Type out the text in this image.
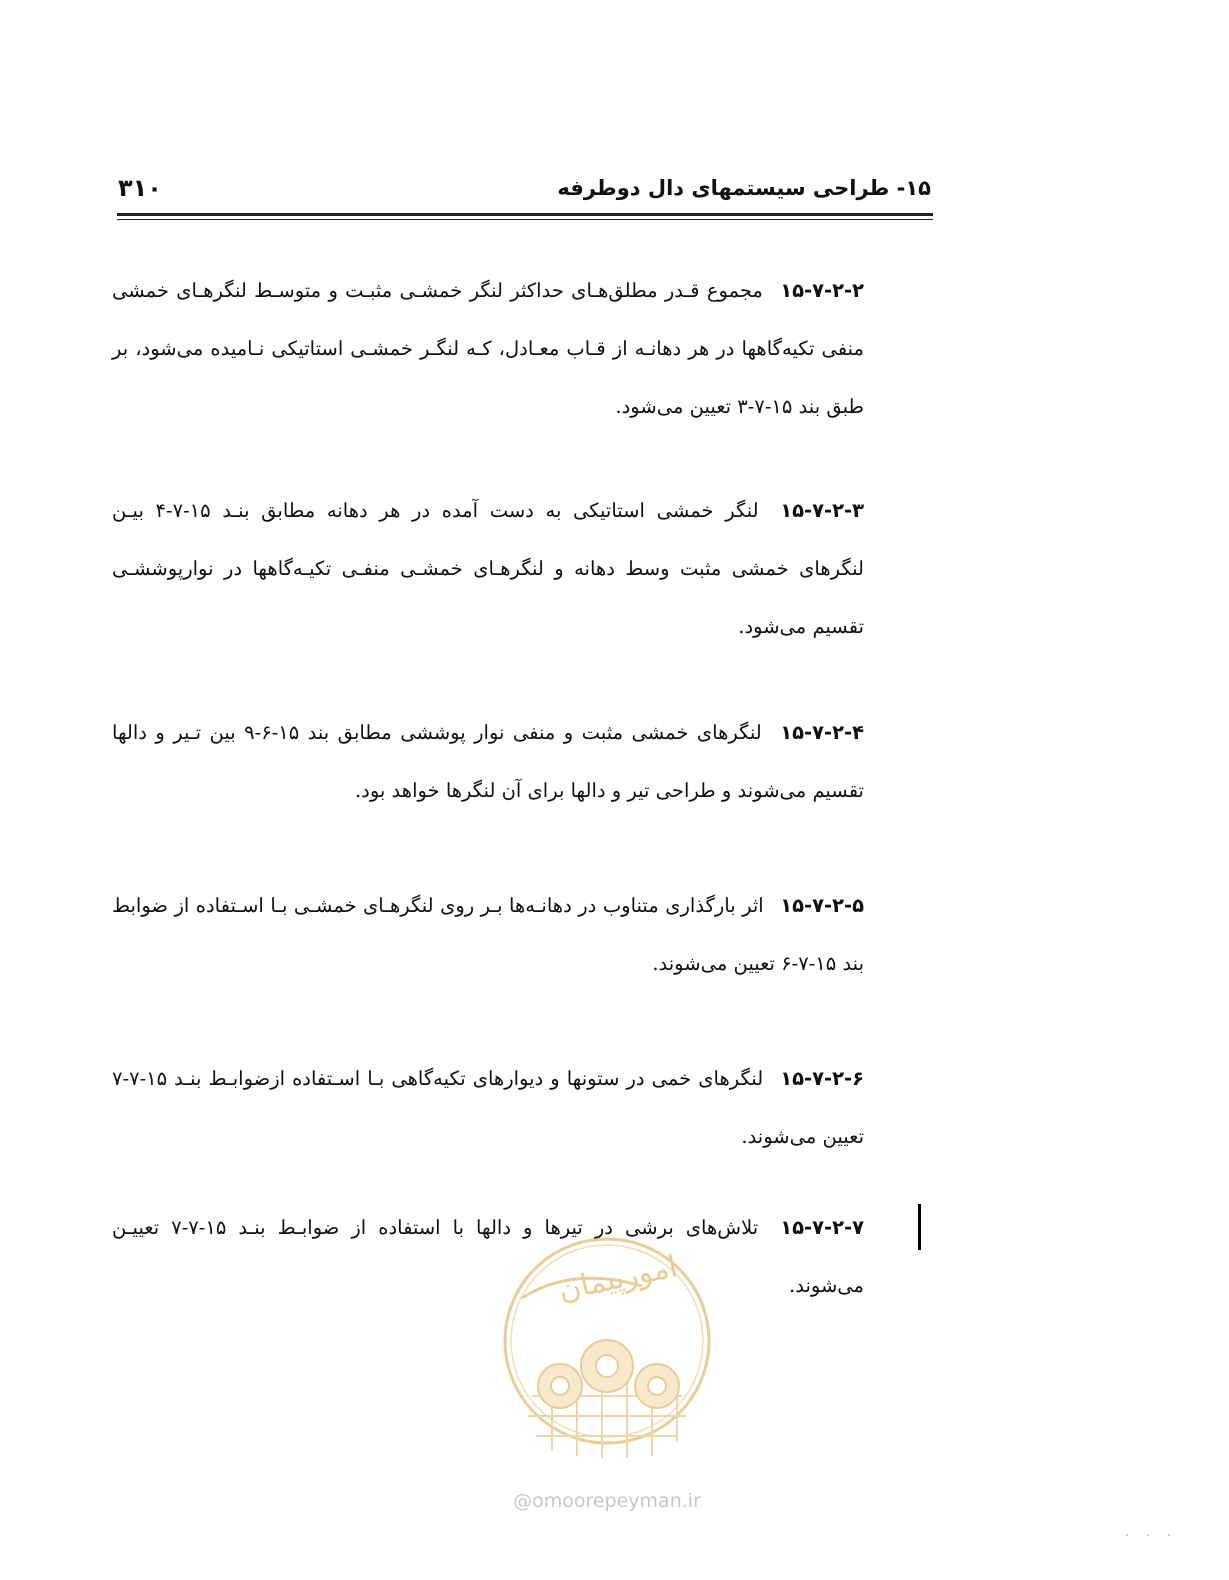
۱۵- طراحی سیستمهای دال دوطرفه
۳۱۰
۱۵-۷-۲-۲ مجموع قـدر مطلق‌هـای حداکثر لنگر خمشـی مثبـت و متوسـط لنگرهـای خمشی منفی تکیه‌گاهها در هر دهانـه از قـاب معـادل، کـه لنگـر خمشـی استاتیکی نـامیده می‌شود، بر طبق بند ۱۵-۷-۳ تعیین می‌شود.
۱۵-۷-۲-۳ لنگر خمشی استاتیکی به دست آمده در هر دهانه مطابق بنـد ۱۵-۷-۴ بیـن لنگرهای خمشی مثبت وسط دهانه و لنگرهـای خمشـی منفـی تکیـه‌گاهها در نوارپوششـی تقسیم می‌شود.
۱۵-۷-۲-۴ لنگرهای خمشی مثبت و منفی نوار پوششی مطابق بند ۱۵-۶-۹ بین تـیر و دالها تقسیم می‌شوند و طراحی تیر و دالها برای آن لنگرها خواهد بود.
۱۵-۷-۲-۵ اثر بارگذاری متناوب در دهانـه‌ها بـر روی لنگرهـای خمشـی بـا اسـتفاده از ضوابط بند ۱۵-۷-۶ تعیین می‌شوند.
۱۵-۷-۲-۶ لنگرهای خمی در ستونها و دیوارهای تکیه‌گاهی بـا اسـتفاده ازضوابـط بنـد ۱۵-۷-۷ تعیین می‌شوند.
۱۵-۷-۲-۷ تلاش‌های برشی در تیرها و دالها با استفاده از ضوابـط بنـد ۱۵-۷-۷ تعییـن می‌شوند.
امورپیمان
@omoorepeyman.ir
· · ·
